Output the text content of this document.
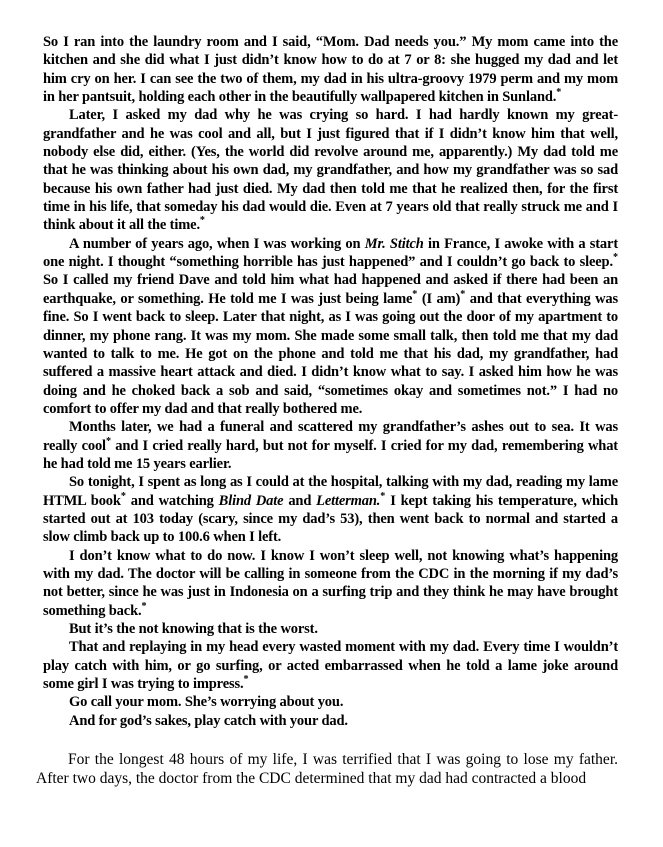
So I ran into the laundry room and I said, “Mom. Dad needs you.” My mom came into the kitchen and she did what I just didn’t know how to do at 7 or 8: she hugged my dad and let him cry on her. I can see the two of them, my dad in his ultra-groovy 1979 perm and my mom in her pantsuit, holding each other in the beautifully wallpapered kitchen in Sunland.*

Later, I asked my dad why he was crying so hard. I had hardly known my great-grandfather and he was cool and all, but I just figured that if I didn’t know him that well, nobody else did, either. (Yes, the world did revolve around me, apparently.) My dad told me that he was thinking about his own dad, my grandfather, and how my grandfather was so sad because his own father had just died. My dad then told me that he realized then, for the first time in his life, that someday his dad would die. Even at 7 years old that really struck me and I think about it all the time.*

A number of years ago, when I was working on Mr. Stitch in France, I awoke with a start one night. I thought “something horrible has just happened” and I couldn’t go back to sleep.* So I called my friend Dave and told him what had happened and asked if there had been an earthquake, or something. He told me I was just being lame* (I am)* and that everything was fine. So I went back to sleep. Later that night, as I was going out the door of my apartment to dinner, my phone rang. It was my mom. She made some small talk, then told me that my dad wanted to talk to me. He got on the phone and told me that his dad, my grandfather, had suffered a massive heart attack and died. I didn’t know what to say. I asked him how he was doing and he choked back a sob and said, “sometimes okay and sometimes not.” I had no comfort to offer my dad and that really bothered me.

Months later, we had a funeral and scattered my grandfather’s ashes out to sea. It was really cool* and I cried really hard, but not for myself. I cried for my dad, remembering what he had told me 15 years earlier.

So tonight, I spent as long as I could at the hospital, talking with my dad, reading my lame HTML book* and watching Blind Date and Letterman.* I kept taking his temperature, which started out at 103 today (scary, since my dad’s 53), then went back to normal and started a slow climb back up to 100.6 when I left.

I don’t know what to do now. I know I won’t sleep well, not knowing what’s happening with my dad. The doctor will be calling in someone from the CDC in the morning if my dad’s not better, since he was just in Indonesia on a surfing trip and they think he may have brought something back.*

But it’s the not knowing that is the worst.

That and replaying in my head every wasted moment with my dad. Every time I wouldn’t play catch with him, or go surfing, or acted embarrassed when he told a lame joke around some girl I was trying to impress.*

Go call your mom. She’s worrying about you.

And for god’s sakes, play catch with your dad.

For the longest 48 hours of my life, I was terrified that I was going to lose my father. After two days, the doctor from the CDC determined that my dad had contracted a blood
